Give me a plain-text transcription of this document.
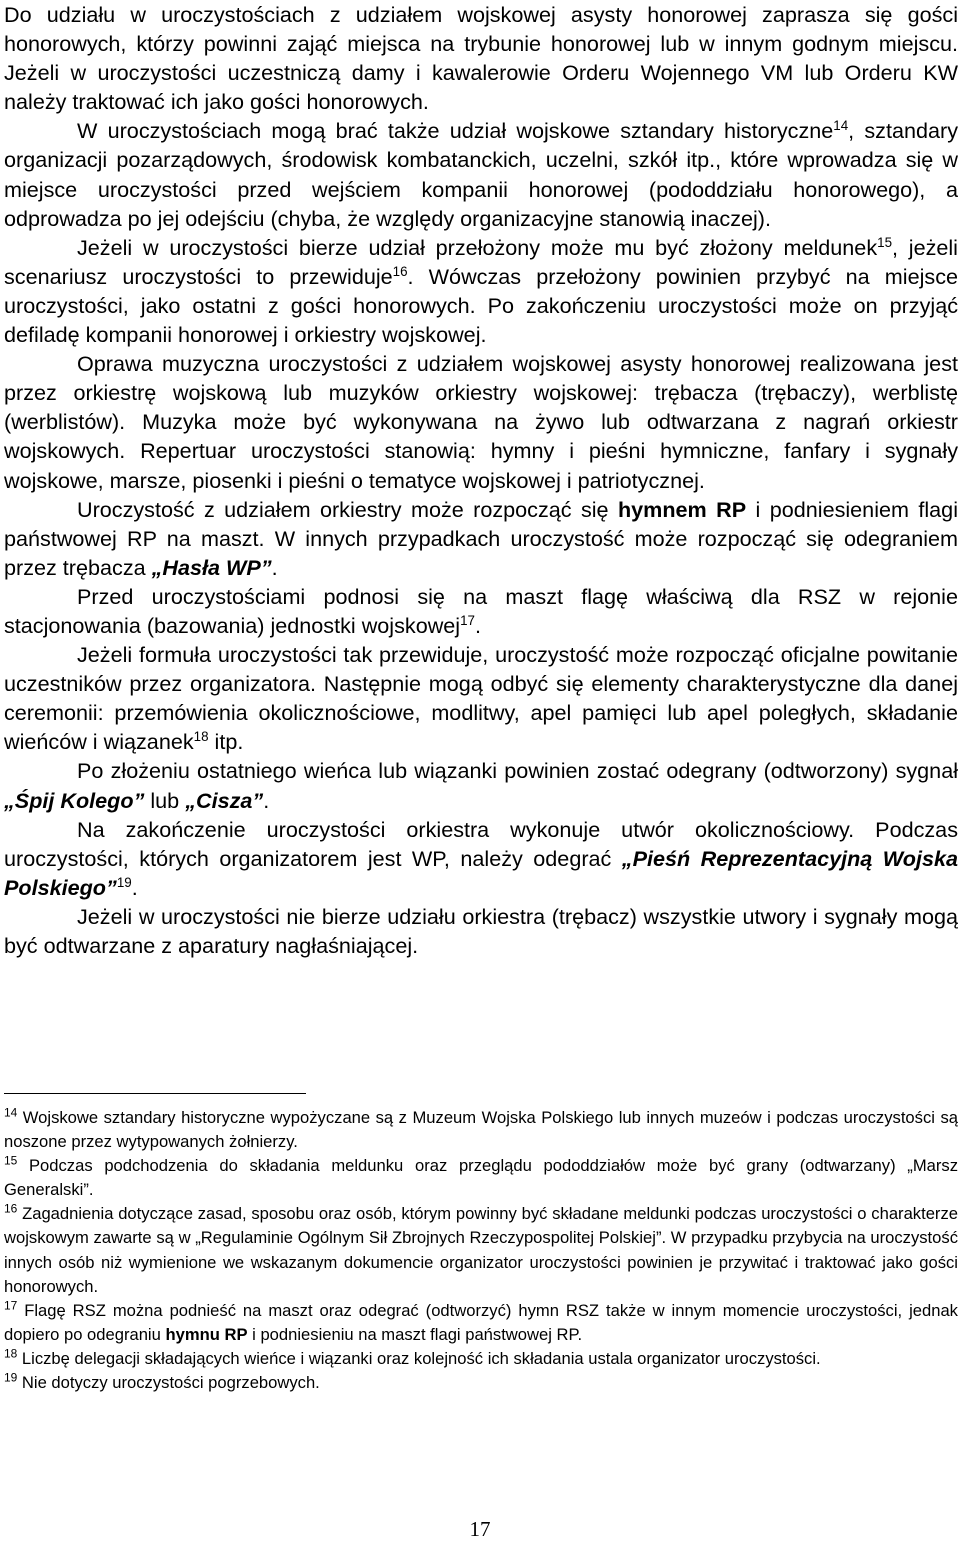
Do udziału w uroczystościach z udziałem wojskowej asysty honorowej zaprasza się gości honorowych, którzy powinni zająć miejsca na trybunie honorowej lub w innym godnym miejscu. Jeżeli w uroczystości uczestniczą damy i kawalerowie Orderu Wojennego VM lub Orderu KW należy traktować ich jako gości honorowych.

W uroczystościach mogą brać także udział wojskowe sztandary historyczne$^{14}$, sztandary organizacji pozarządowych, środowisk kombatanckich, uczelni, szkół itp., które wprowadza się w miejsce uroczystości przed wejściem kompanii honorowej (pododdziału honorowego), a odprowadza po jej odejściu (chyba, że względy organizacyjne stanowią inaczej).

Jeżeli w uroczystości bierze udział przełożony może mu być złożony meldunek$^{15}$, jeżeli scenariusz uroczystości to przewiduje$^{16}$. Wówczas przełożony powinien przybyć na miejsce uroczystości, jako ostatni z gości honorowych. Po zakończeniu uroczystości może on przyjąć defiladę kompanii honorowej i orkiestry wojskowej.

Oprawa muzyczna uroczystości z udziałem wojskowej asysty honorowej realizowana jest przez orkiestrę wojskową lub muzyków orkiestry wojskowej: trębacza (trębaczy), werblistę (werblistów). Muzyka może być wykonywana na żywo lub odtwarzana z nagrań orkiestr wojskowych. Repertuar uroczystości stanowią: hymny i pieśni hymniczne, fanfary i sygnały wojskowe, marsze, piosenki i pieśni o tematyce wojskowej i patriotycznej.

Uroczystość z udziałem orkiestry może rozpocząć się hymnem RP i podniesieniem flagi państwowej RP na maszt. W innych przypadkach uroczystość może rozpocząć się odegraniem przez trębacza „Hasła WP”.

Przed uroczystościami podnosi się na maszt flagę właściwą dla RSZ w rejonie stacjonowania (bazowania) jednostki wojskowej$^{17}$.

Jeżeli formuła uroczystości tak przewiduje, uroczystość może rozpocząć oficjalne powitanie uczestników przez organizatora. Następnie mogą odbyć się elementy charakterystyczne dla danej ceremonii: przemówienia okolicznościowe, modlitwy, apel pamięci lub apel poległych, składanie wieńców i wiązanek$^{18}$ itp.

Po złożeniu ostatniego wieńca lub wiązanki powinien zostać odegrany (odtworzony) sygnał „Śpij Kolego” lub „Cisza”.

Na zakończenie uroczystości orkiestra wykonuje utwór okolicznościowy. Podczas uroczystości, których organizatorem jest WP, należy odegrać „Pieśń Reprezentacyjną Wojska Polskiego”$^{19}$.

Jeżeli w uroczystości nie bierze udziału orkiestra (trębacz) wszystkie utwory i sygnały mogą być odtwarzane z aparatury nagłaśniającej.

$^{14}$ Wojskowe sztandary historyczne wypożyczane są z Muzeum Wojska Polskiego lub innych muzeów i podczas uroczystości są noszone przez wytypowanych żołnierzy.

$^{15}$ Podczas podchodzenia do składania meldunku oraz przeglądu pododdziałów może być grany (odtwarzany) „Marsz Generalski”.

$^{16}$ Zagadnienia dotyczące zasad, sposobu oraz osób, którym powinny być składane meldunki podczas uroczystości o charakterze wojskowym zawarte są w „Regulaminie Ogólnym Sił Zbrojnych Rzeczypospolitej Polskiej”. W przypadku przybycia na uroczystość innych osób niż wymienione we wskazanym dokumencie organizator uroczystości powinien je przywitać i traktować jako gości honorowych.

$^{17}$ Flagę RSZ można podnieść na maszt oraz odegrać (odtworzyć) hymn RSZ także w innym momencie uroczystości, jednak dopiero po odegraniu hymnu RP i podniesieniu na maszt flagi państwowej RP.

$^{18}$ Liczbę delegacji składających wieńce i wiązanki oraz kolejność ich składania ustala organizator uroczystości.

$^{19}$ Nie dotyczy uroczystości pogrzebowych.

17
